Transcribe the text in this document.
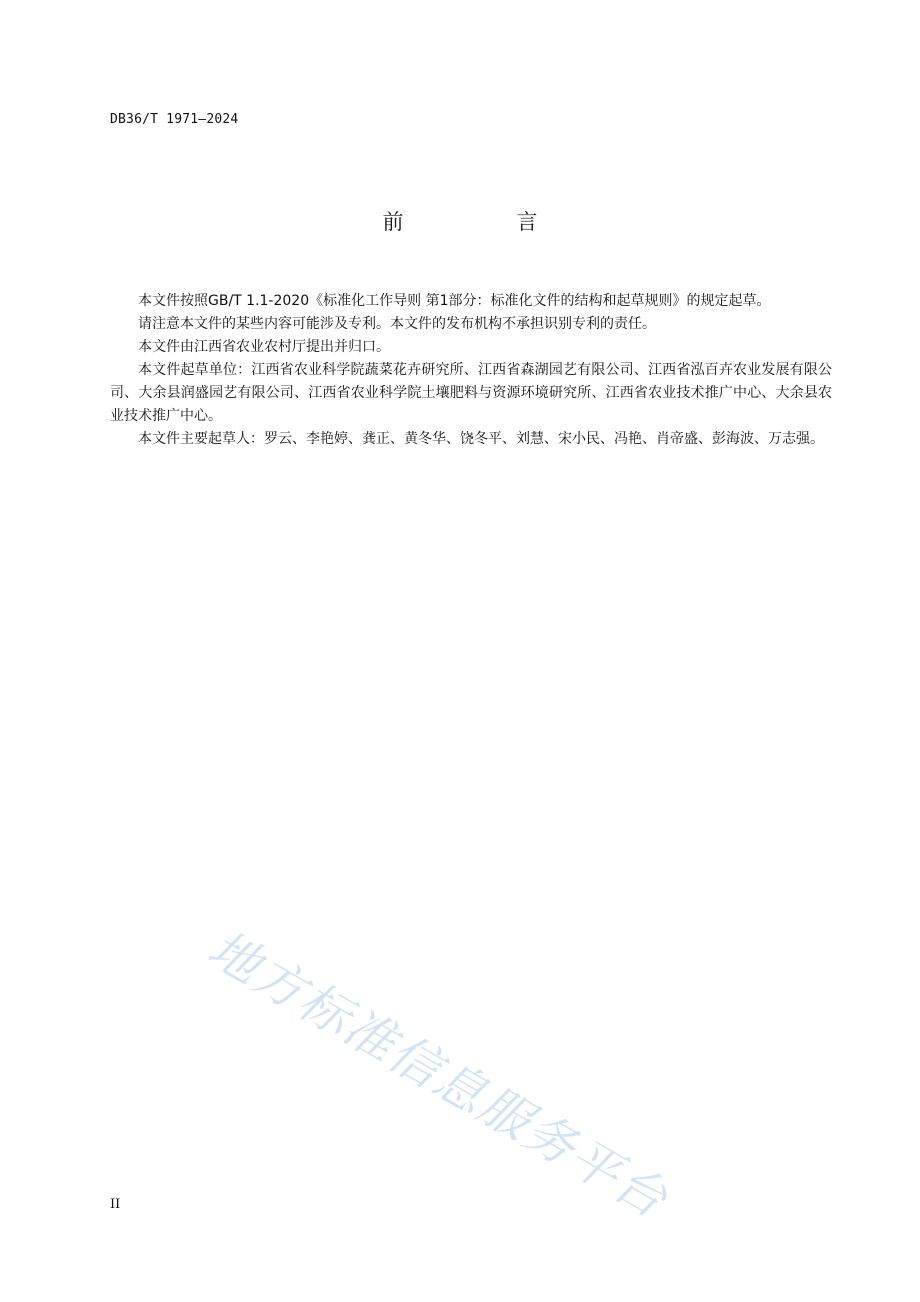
DB36/T 1971—2024
前　言

本文件按照GB/T 1.1-2020《标准化工作导则 第1部分：标准化文件的结构和起草规则》的规定起草。

请注意本文件的某些内容可能涉及专利。本文件的发布机构不承担识别专利的责任。

本文件由江西省农业农村厅提出并归口。

本文件起草单位：江西省农业科学院蔬菜花卉研究所、江西省森湖园艺有限公司、江西省泓百卉农业发展有限公司、大余县润盛园艺有限公司、江西省农业科学院土壤肥料与资源环境研究所、江西省农业技术推广中心、大余县农业技术推广中心。

本文件主要起草人：罗云、李艳婷、龚正、黄冬华、饶冬平、刘慧、宋小民、冯艳、肖帝盛、彭海波、万志强。

地方标准信息服务平台
II
